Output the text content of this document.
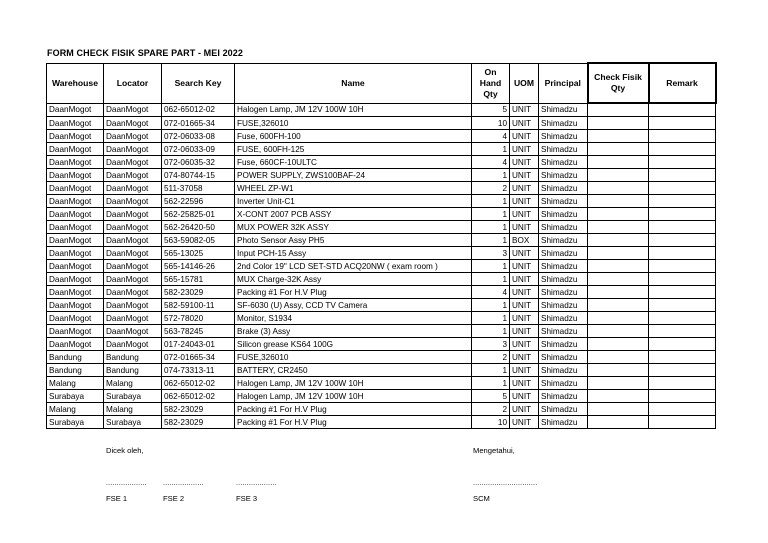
FORM CHECK FISIK SPARE PART - MEI 2022
Warehouse	Locator	Search Key	Name	On Hand Qty	UOM	Principal	Check Fisik Qty	Remark
DaanMogot	DaanMogot	062-65012-02	Halogen Lamp, JM 12V 100W 10H	5	UNIT	Shimadzu		
DaanMogot	DaanMogot	072-01665-34	FUSE,326010	10	UNIT	Shimadzu		
DaanMogot	DaanMogot	072-06033-08	Fuse, 600FH-100	4	UNIT	Shimadzu		
DaanMogot	DaanMogot	072-06033-09	FUSE, 600FH-125	1	UNIT	Shimadzu		
DaanMogot	DaanMogot	072-06035-32	Fuse, 660CF-10ULTC	4	UNIT	Shimadzu		
DaanMogot	DaanMogot	074-80744-15	POWER SUPPLY, ZWS100BAF-24	1	UNIT	Shimadzu		
DaanMogot	DaanMogot	511-37058	WHEEL ZP-W1	2	UNIT	Shimadzu		
DaanMogot	DaanMogot	562-22596	Inverter Unit-C1	1	UNIT	Shimadzu		
DaanMogot	DaanMogot	562-25825-01	X-CONT 2007 PCB ASSY	1	UNIT	Shimadzu		
DaanMogot	DaanMogot	562-26420-50	MUX POWER 32K ASSY	1	UNIT	Shimadzu		
DaanMogot	DaanMogot	563-59082-05	Photo Sensor Assy PH5	1	BOX	Shimadzu		
DaanMogot	DaanMogot	565-13025	Input PCH-15 Assy	3	UNIT	Shimadzu		
DaanMogot	DaanMogot	565-14146-26	2nd Color 19" LCD SET-STD ACQ20NW ( exam room )	1	UNIT	Shimadzu		
DaanMogot	DaanMogot	565-15781	MUX Charge-32K Assy	1	UNIT	Shimadzu		
DaanMogot	DaanMogot	582-23029	Packing #1 For H.V Plug	4	UNIT	Shimadzu		
DaanMogot	DaanMogot	582-59100-11	SF-6030 (U) Assy, CCD TV Camera	1	UNIT	Shimadzu		
DaanMogot	DaanMogot	572-78020	Monitor, S1934	1	UNIT	Shimadzu		
DaanMogot	DaanMogot	563-78245	Brake (3) Assy	1	UNIT	Shimadzu		
DaanMogot	DaanMogot	017-24043-01	Silicon grease KS64 100G	3	UNIT	Shimadzu		
Bandung	Bandung	072-01665-34	FUSE,326010	2	UNIT	Shimadzu		
Bandung	Bandung	074-73313-11	BATTERY, CR2450	1	UNIT	Shimadzu		
Malang	Malang	062-65012-02	Halogen Lamp, JM 12V 100W 10H	1	UNIT	Shimadzu		
Surabaya	Surabaya	062-65012-02	Halogen Lamp, JM 12V 100W 10H	5	UNIT	Shimadzu		
Malang	Malang	582-23029	Packing #1 For H.V Plug	2	UNIT	Shimadzu		
Surabaya	Surabaya	582-23029	Packing #1 For H.V Plug	10	UNIT	Shimadzu		
Dicek oleh,	Mengetahui,
................... ...................	...................	..............................
FSE 1	FSE 2	FSE 3	SCM
